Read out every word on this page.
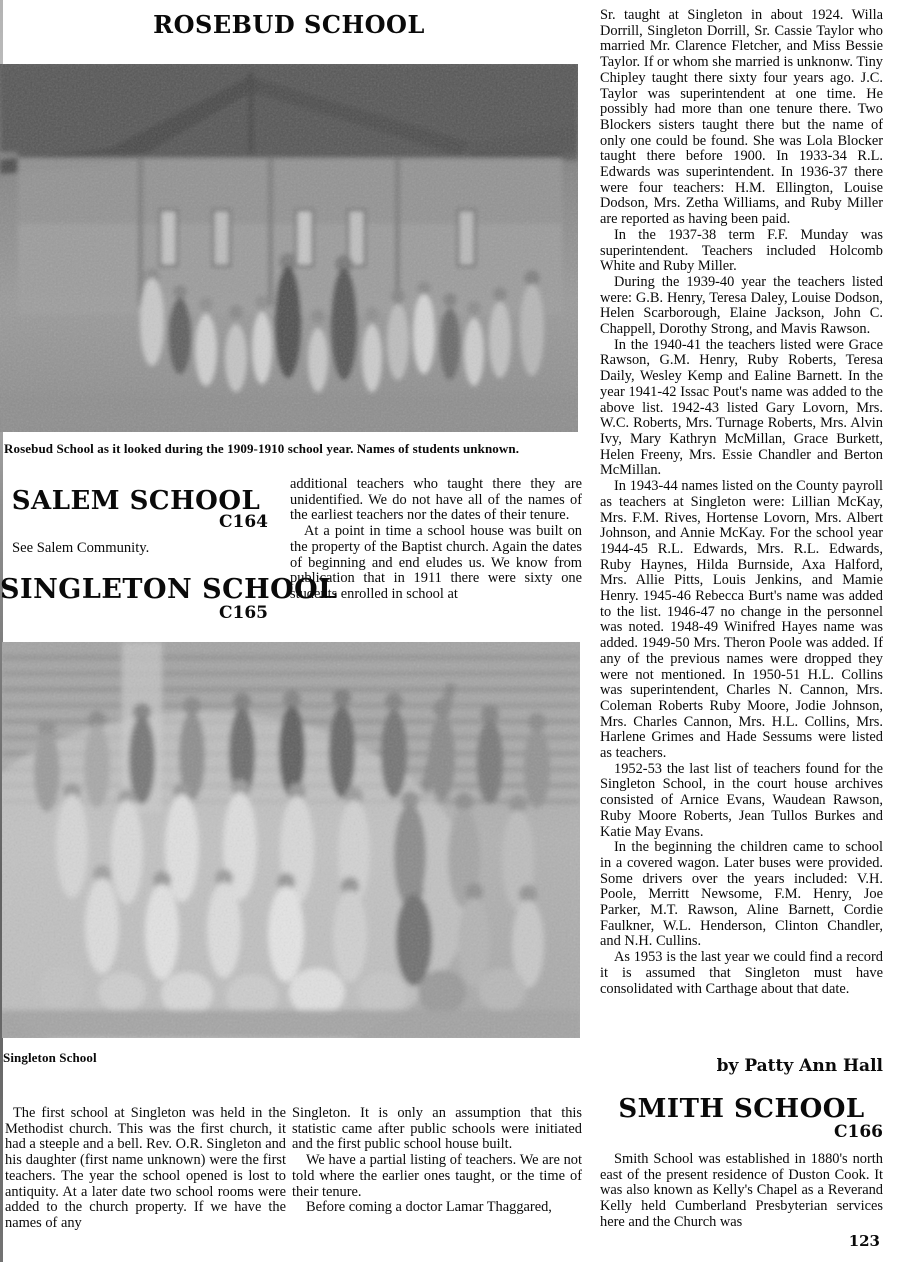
ROSEBUD SCHOOL
Rosebud School as it looked during the 1909-1910 school year. Names of students unknown.
SALEM SCHOOL
C164
See Salem Community.
SINGLETON SCHOOL
C165

additional teachers who taught there they are unidentified. We do not have all of the names of the earliest teachers nor the dates of their tenure.

At a point in time a school house was built on the property of the Baptist church. Again the dates of beginning and end eludes us. We know from publication that in 1911 there were sixty one students enrolled in school at

Singleton School

The first school at Singleton was held in the Methodist church. This was the first church, it had a steeple and a bell. Rev. O.R. Singleton and his daughter (first name unknown) were the first teachers. The year the school opened is lost to antiquity. At a later date two school rooms were added to the church property. If we have the names of any

Singleton. It is only an assumption that this statistic came after public schools were initiated and the first public school house built.

We have a partial listing of teachers. We are not told where the earlier ones taught, or the time of their tenure.

Before coming a doctor Lamar Thaggared,

Sr. taught at Singleton in about 1924. Willa Dorrill, Singleton Dorrill, Sr. Cassie Taylor who married Mr. Clarence Fletcher, and Miss Bessie Taylor. If or whom she married is unknonw. Tiny Chipley taught there sixty four years ago. J.C. Taylor was superintendent at one time. He possibly had more than one tenure there. Two Blockers sisters taught there but the name of only one could be found. She was Lola Blocker taught there before 1900. In 1933-34 R.L. Edwards was superintendent. In 1936-37 there were four teachers: H.M. Ellington, Louise Dodson, Mrs. Zetha Williams, and Ruby Miller are reported as having been paid.

In the 1937-38 term F.F. Munday was superintendent. Teachers included Holcomb White and Ruby Miller.

During the 1939-40 year the teachers listed were: G.B. Henry, Teresa Daley, Louise Dodson, Helen Scarborough, Elaine Jackson, John C. Chappell, Dorothy Strong, and Mavis Rawson.

In the 1940-41 the teachers listed were Grace Rawson, G.M. Henry, Ruby Roberts, Teresa Daily, Wesley Kemp and Ealine Barnett. In the year 1941-42 Issac Pout's name was added to the above list. 1942-43 listed Gary Lovorn, Mrs. W.C. Roberts, Mrs. Turnage Roberts, Mrs. Alvin Ivy, Mary Kathryn McMillan, Grace Burkett, Helen Freeny, Mrs. Essie Chandler and Berton McMillan.

In 1943-44 names listed on the County payroll as teachers at Singleton were: Lillian McKay, Mrs. F.M. Rives, Hortense Lovorn, Mrs. Albert Johnson, and Annie McKay. For the school year 1944-45 R.L. Edwards, Mrs. R.L. Edwards, Ruby Haynes, Hilda Burnside, Axa Halford, Mrs. Allie Pitts, Louis Jenkins, and Mamie Henry. 1945-46 Rebecca Burt's name was added to the list. 1946-47 no change in the personnel was noted. 1948-49 Winifred Hayes name was added. 1949-50 Mrs. Theron Poole was added. If any of the previous names were dropped they were not mentioned. In 1950-51 H.L. Collins was superintendent, Charles N. Cannon, Mrs. Coleman Roberts Ruby Moore, Jodie Johnson, Mrs. Charles Cannon, Mrs. H.L. Collins, Mrs. Harlene Grimes and Hade Sessums were listed as teachers.

1952-53 the last list of teachers found for the Singleton School, in the court house archives consisted of Arnice Evans, Waudean Rawson, Ruby Moore Roberts, Jean Tullos Burkes and Katie May Evans.

In the beginning the children came to school in a covered wagon. Later buses were provided. Some drivers over the years included: V.H. Poole, Merritt Newsome, F.M. Henry, Joe Parker, M.T. Rawson, Aline Barnett, Cordie Faulkner, W.L. Henderson, Clinton Chandler, and N.H. Cullins.

As 1953 is the last year we could find a record it is assumed that Singleton must have consolidated with Carthage about that date.

by Patty Ann Hall
SMITH SCHOOL
C166

Smith School was established in 1880's north east of the present residence of Duston Cook. It was also known as Kelly's Chapel as a Reverand Kelly held Cumberland Presbyterian services here and the Church was

123
